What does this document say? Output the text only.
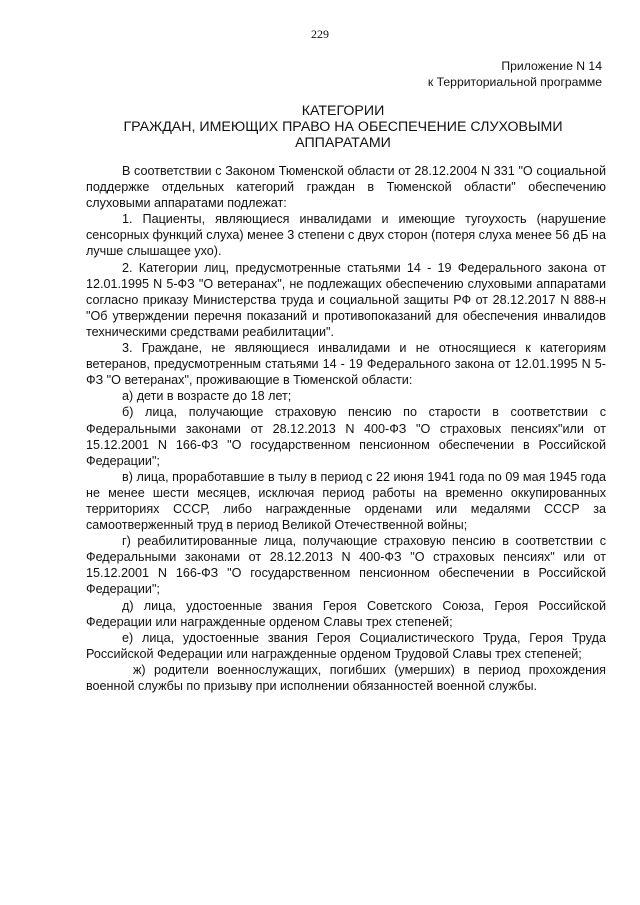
229
Приложение N 14
к Территориальной программе
КАТЕГОРИИ
ГРАЖДАН, ИМЕЮЩИХ ПРАВО НА ОБЕСПЕЧЕНИЕ СЛУХОВЫМИ
АППАРАТАМИ

В соответствии с Законом Тюменской области от 28.12.2004 N 331 "О социальной поддержке отдельных категорий граждан в Тюменской области" обеспечению слуховыми аппаратами подлежат:

1. Пациенты, являющиеся инвалидами и имеющие тугоухость (нарушение сенсорных функций слуха) менее 3 степени с двух сторон (потеря слуха менее 56 дБ на лучше слышащее ухо).

2. Категории лиц, предусмотренные статьями 14 - 19 Федерального закона от 12.01.1995 N 5-ФЗ "О ветеранах", не подлежащих обеспечению слуховыми аппаратами согласно приказу Министерства труда и социальной защиты РФ от 28.12.2017 N 888-н "Об утверждении перечня показаний и противопоказаний для обеспечения инвалидов техническими средствами реабилитации".

3. Граждане, не являющиеся инвалидами и не относящиеся к категориям ветеранов, предусмотренным статьями 14 - 19 Федерального закона от 12.01.1995 N 5-ФЗ "О ветеранах", проживающие в Тюменской области:

а) дети в возрасте до 18 лет;

б) лица, получающие страховую пенсию по старости в соответствии с Федеральными законами от 28.12.2013 N 400-ФЗ "О страховых пенсиях"или от 15.12.2001 N 166-ФЗ "О государственном пенсионном обеспечении в Российской Федерации";

в) лица, проработавшие в тылу в период с 22 июня 1941 года по 09 мая 1945 года не менее шести месяцев, исключая период работы на временно оккупированных территориях СССР, либо награжденные орденами или медалями СССР за самоотверженный труд в период Великой Отечественной войны;

г) реабилитированные лица, получающие страховую пенсию в соответствии с Федеральными законами от 28.12.2013 N 400-ФЗ "О страховых пенсиях" или от 15.12.2001 N 166-ФЗ "О государственном пенсионном обеспечении в Российской Федерации";

д) лица, удостоенные звания Героя Советского Союза, Героя Российской Федерации или награжденные орденом Славы трех степеней;

е) лица, удостоенные звания Героя Социалистического Труда, Героя Труда Российской Федерации или награжденные орденом Трудовой Славы трех степеней;

ж) родители военнослужащих, погибших (умерших) в период прохождения военной службы по призыву при исполнении обязанностей военной службы.
